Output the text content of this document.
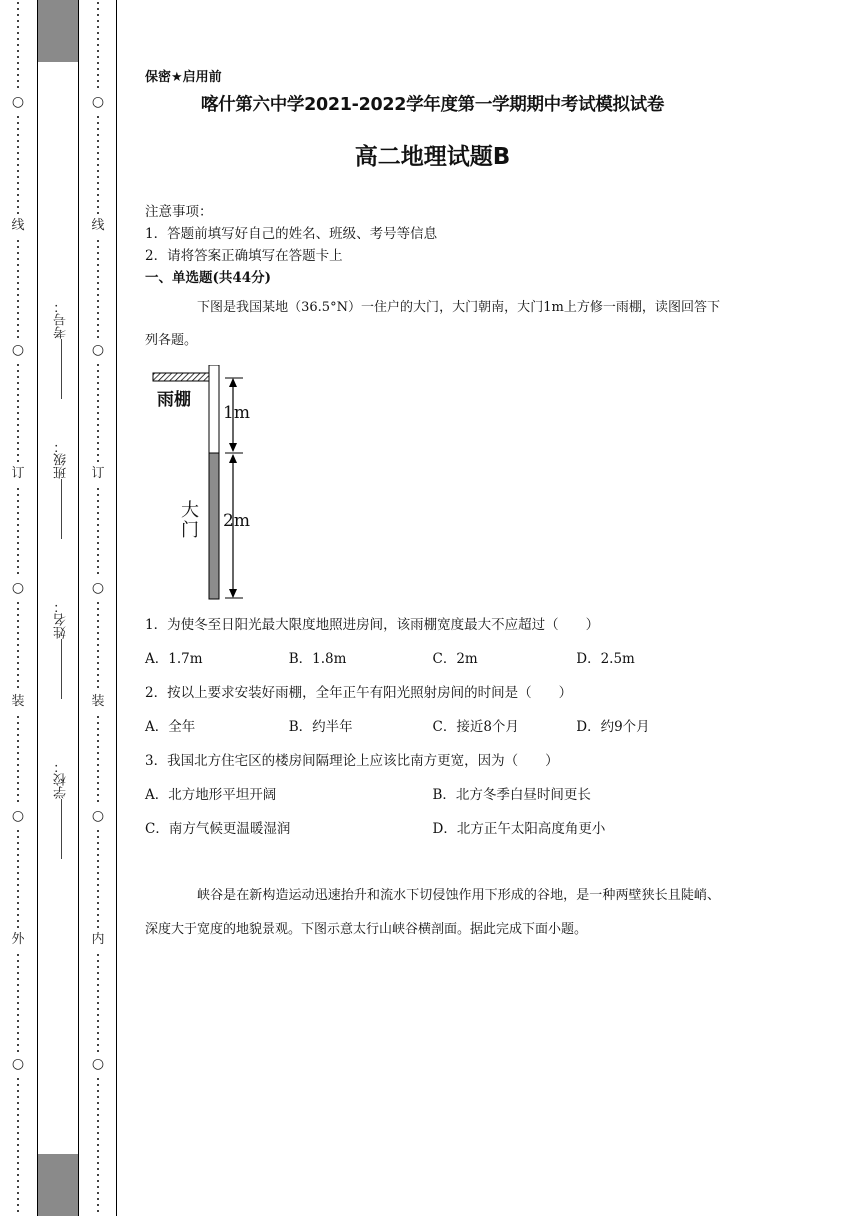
○
线
○
订
○
装
○
外
○
○
线
○
订
○
装
○
内
○
考号：
班级：
姓名：
学校：
保密★启用前
喀什第六中学2021-2022学年度第一学期期中考试模拟试卷
高二地理试题B
注意事项：
1．答题前填写好自己的姓名、班级、考号等信息
2．请将答案正确填写在答题卡上
一、单选题(共44分)

下图是我国某地（36.5°N）一住户的大门，大门朝南，大门1m上方修一雨棚，读图回答下列各题。

雨棚
1m
2m
大
门
1．为使冬至日阳光最大限度地照进房间，该雨棚宽度最大不应超过（　　）
A．1.7m	B．1.8m	C．2m	D．2.5m
2．按以上要求安装好雨棚，全年正午有阳光照射房间的时间是（　　）
A．全年	B．约半年	C．接近8个月	D．约9个月
3．我国北方住宅区的楼房间隔理论上应该比南方更宽，因为（　　）
A．北方地形平坦开阔	B．北方冬季白昼时间更长
C．南方气候更温暖湿润	D．北方正午太阳高度角更小

峡谷是在新构造运动迅速抬升和流水下切侵蚀作用下形成的谷地，是一种两壁狭长且陡峭、深度大于宽度的地貌景观。下图示意太行山峡谷横剖面。据此完成下面小题。
